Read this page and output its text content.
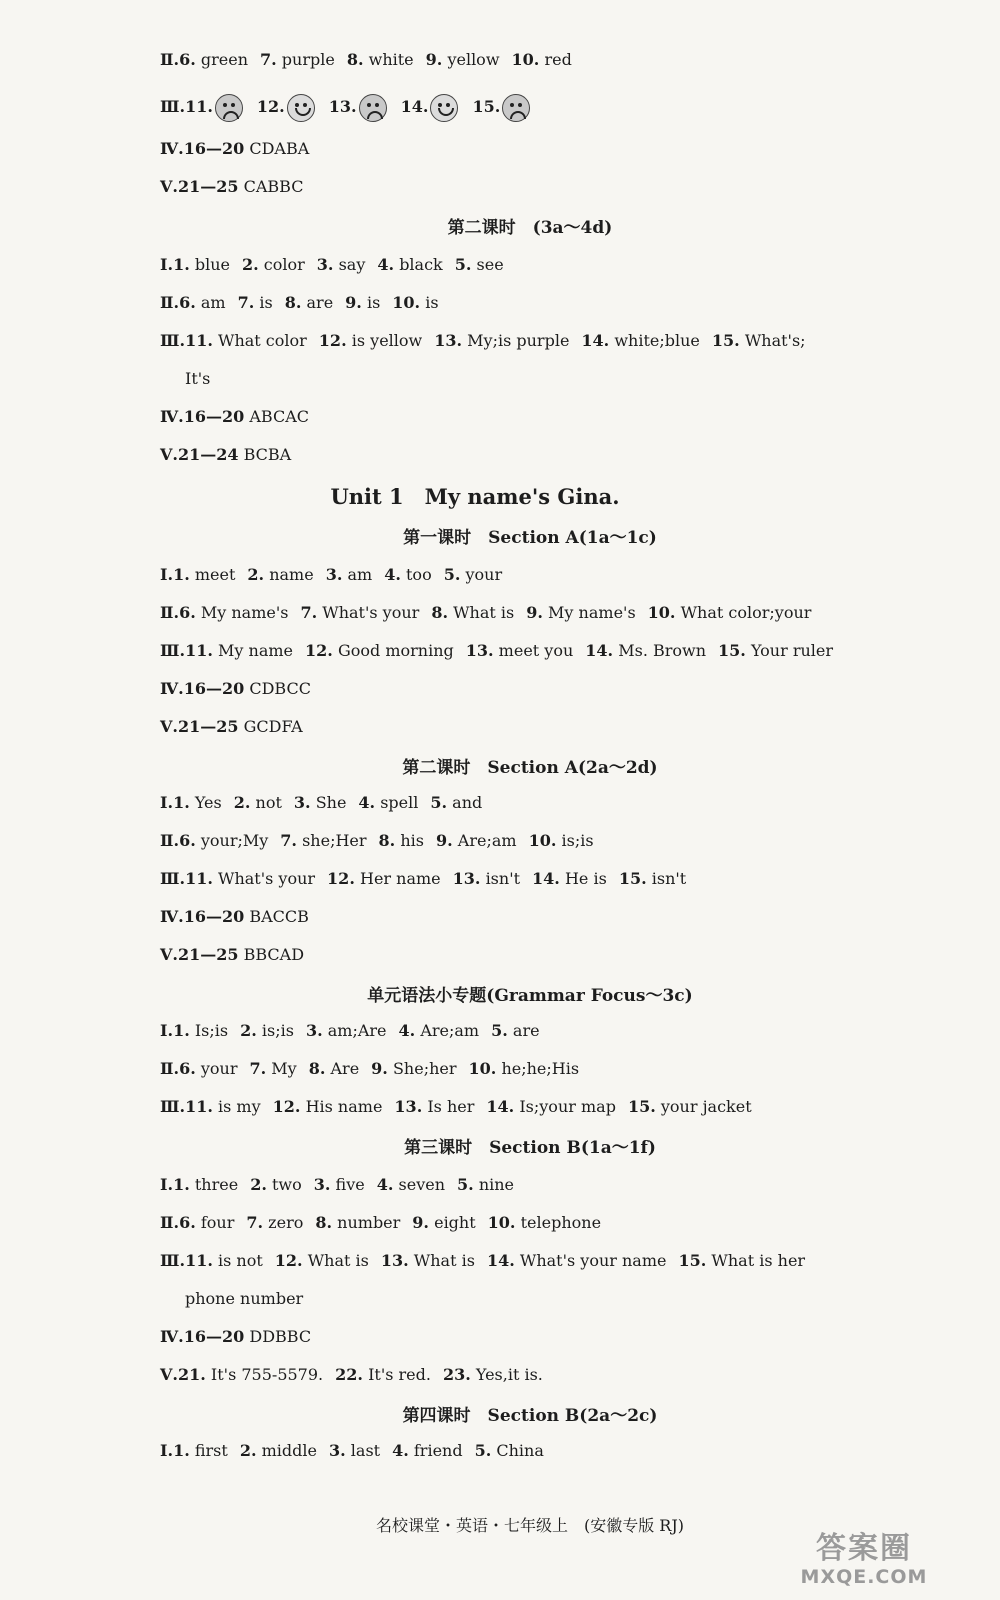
Ⅱ.6. green 7. purple 8. white 9. yellow 10. red
Ⅲ.11.	12.	13.	14.	15.
Ⅳ.16—20 CDABA
Ⅴ.21—25 CABBC
第二课时　(3a～4d)
Ⅰ.1. blue 2. color 3. say 4. black 5. see
Ⅱ.6. am 7. is 8. are 9. is 10. is
Ⅲ.11. What color 12. is yellow 13. My;is purple 14. white;blue 15. What's;
It's
Ⅳ.16—20 ABCAC
Ⅴ.21—24 BCBA
Unit 1　My name's Gina.
第一课时　Section A(1a～1c)
Ⅰ.1. meet 2. name 3. am 4. too 5. your
Ⅱ.6. My name's 7. What's your 8. What is 9. My name's 10. What color;your
Ⅲ.11. My name 12. Good morning 13. meet you 14. Ms. Brown 15. Your ruler
Ⅳ.16—20 CDBCC
Ⅴ.21—25 GCDFA
第二课时　Section A(2a～2d)
Ⅰ.1. Yes 2. not 3. She 4. spell 5. and
Ⅱ.6. your;My 7. she;Her 8. his 9. Are;am 10. is;is
Ⅲ.11. What's your 12. Her name 13. isn't 14. He is 15. isn't
Ⅳ.16—20 BACCB
Ⅴ.21—25 BBCAD
单元语法小专题(Grammar Focus～3c)
Ⅰ.1. Is;is 2. is;is 3. am;Are 4. Are;am 5. are
Ⅱ.6. your 7. My 8. Are 9. She;her 10. he;he;His
Ⅲ.11. is my 12. His name 13. Is her 14. Is;your map 15. your jacket
第三课时　Section B(1a～1f)
Ⅰ.1. three 2. two 3. five 4. seven 5. nine
Ⅱ.6. four 7. zero 8. number 9. eight 10. telephone
Ⅲ.11. is not 12. What is 13. What is 14. What's your name 15. What is her
phone number
Ⅳ.16—20 DDBBC
Ⅴ.21. It's 755-5579. 22. It's red. 23. Yes,it is.
第四课时　Section B(2a～2c)
Ⅰ.1. first 2. middle 3. last 4. friend 5. China
名校课堂・英语・七年级上　(安徽专版 RJ)
答案圈
MXQE.COM
